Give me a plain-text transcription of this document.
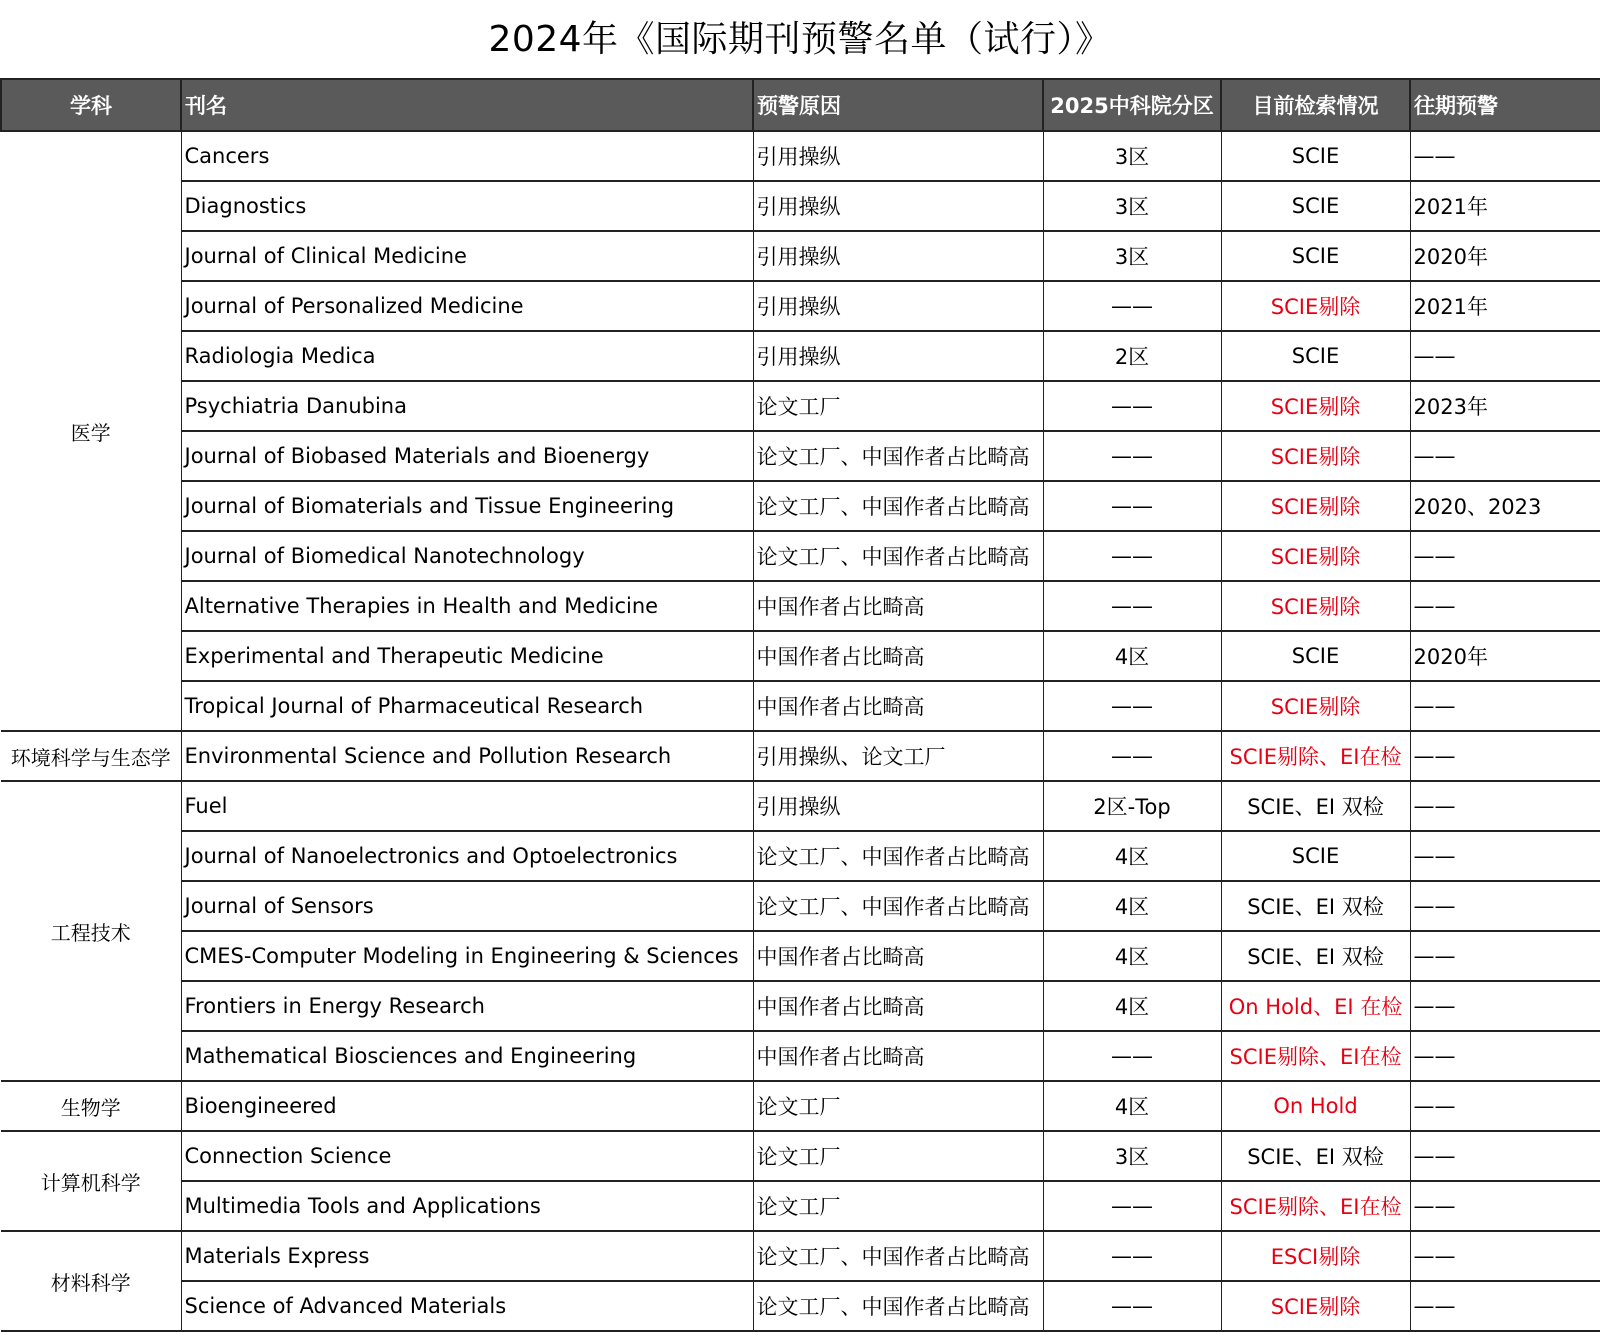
2024年《国际期刊预警名单（试行）》
学科	刊名	预警原因	2025中科院分区	目前检索情况	往期预警
医学	Cancers	引用操纵	3区	SCIE	——
	Diagnostics	引用操纵	3区	SCIE	2021年
	Journal of Clinical Medicine	引用操纵	3区	SCIE	2020年
	Journal of Personalized Medicine	引用操纵	——	SCIE剔除	2021年
	Radiologia Medica	引用操纵	2区	SCIE	——
	Psychiatria Danubina	论文工厂	——	SCIE剔除	2023年
	Journal of Biobased Materials and Bioenergy	论文工厂、中国作者占比畸高	——	SCIE剔除	——
	Journal of Biomaterials and Tissue Engineering	论文工厂、中国作者占比畸高	——	SCIE剔除	2020、2023
	Journal of Biomedical Nanotechnology	论文工厂、中国作者占比畸高	——	SCIE剔除	——
	Alternative Therapies in Health and Medicine	中国作者占比畸高	——	SCIE剔除	——
	Experimental and Therapeutic Medicine	中国作者占比畸高	4区	SCIE	2020年
	Tropical Journal of Pharmaceutical Research	中国作者占比畸高	——	SCIE剔除	——
环境科学与生态学	Environmental Science and Pollution Research	引用操纵、论文工厂	——	SCIE剔除、EI在检	——
工程技术	Fuel	引用操纵	2区-Top	SCIE、EI 双检	——
	Journal of Nanoelectronics and Optoelectronics	论文工厂、中国作者占比畸高	4区	SCIE	——
	Journal of Sensors	论文工厂、中国作者占比畸高	4区	SCIE、EI 双检	——
	CMES-Computer Modeling in Engineering & Sciences	中国作者占比畸高	4区	SCIE、EI 双检	——
	Frontiers in Energy Research	中国作者占比畸高	4区	On Hold、EI 在检	——
	Mathematical Biosciences and Engineering	中国作者占比畸高	——	SCIE剔除、EI在检	——
生物学	Bioengineered	论文工厂	4区	On Hold	——
计算机科学	Connection Science	论文工厂	3区	SCIE、EI 双检	——
	Multimedia Tools and Applications	论文工厂	——	SCIE剔除、EI在检	——
材料科学	Materials Express	论文工厂、中国作者占比畸高	——	ESCI剔除	——
	Science of Advanced Materials	论文工厂、中国作者占比畸高	——	SCIE剔除	——
